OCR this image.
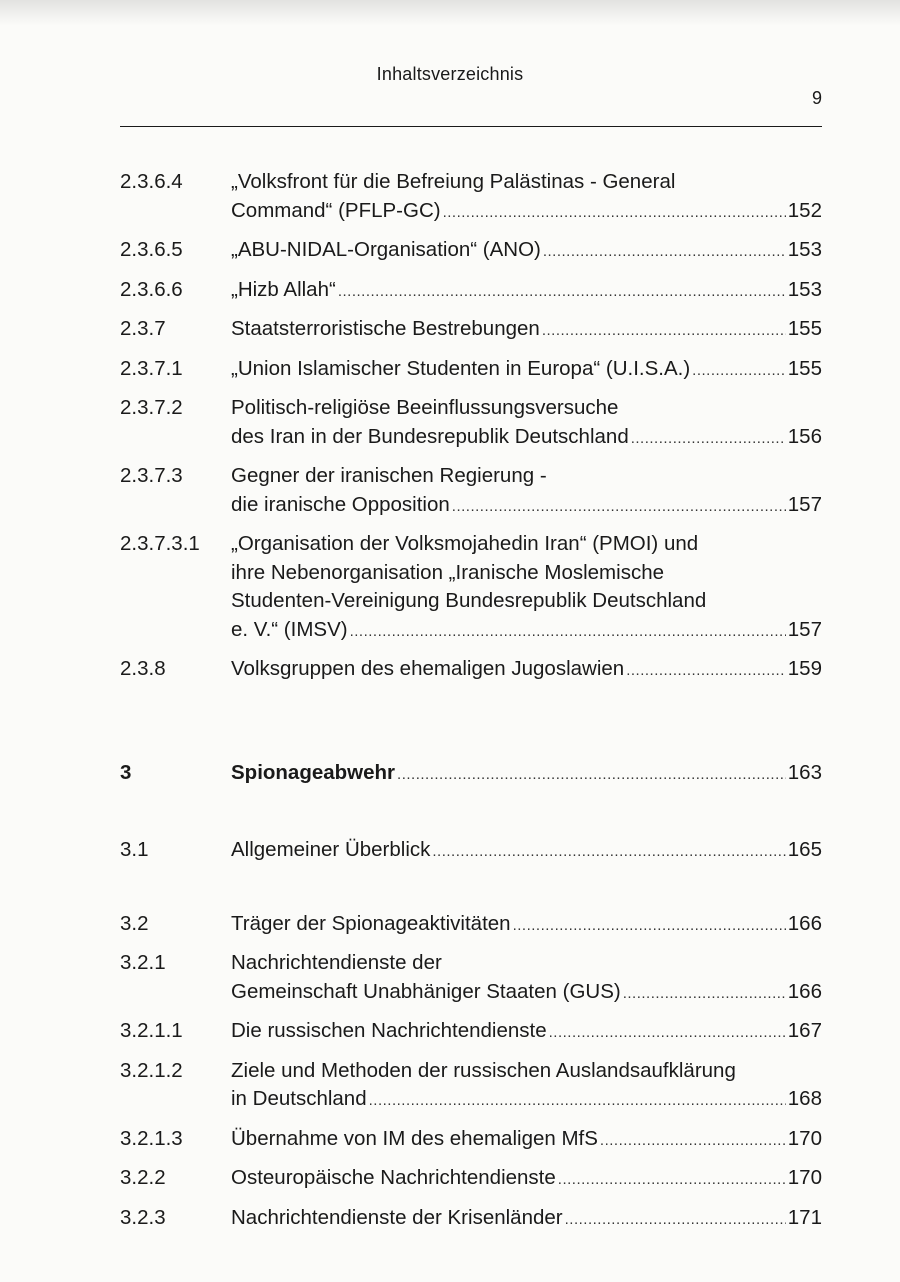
Inhaltsverzeichnis
9
2.3.6.4	„Volksfront für die Befreiung Palästinas - General
Command“ (PFLP-GC) .....	152
2.3.6.5	„ABU-NIDAL-Organisation“ (ANO) .....	153
2.3.6.6	„Hizb Allah“ .....	153
2.3.7	Staatsterroristische Bestrebungen .....	155
2.3.7.1	„Union Islamischer Studenten in Europa“ (U.I.S.A.) .....	155
2.3.7.2	Politisch-religiöse Beeinflussungsversuche
des Iran in der Bundesrepublik Deutschland .....	156
2.3.7.3	Gegner der iranischen Regierung -
die iranische Opposition .....	157
2.3.7.3.1	„Organisation der Volksmojahedin Iran“ (PMOI) und
ihre Nebenorganisation „Iranische Moslemische
Studenten-Vereinigung Bundesrepublik Deutschland
e. V.“ (IMSV) .....	157
2.3.8	Volksgruppen des ehemaligen Jugoslawien .....	159
3	Spionageabwehr .....	163
3.1	Allgemeiner Überblick .....	165
3.2	Träger der Spionageaktivitäten .....	166
3.2.1	Nachrichtendienste der
Gemeinschaft Unabhäniger Staaten (GUS) .....	166
3.2.1.1	Die russischen Nachrichtendienste .....	167
3.2.1.2	Ziele und Methoden der russischen Auslandsaufklärung
in Deutschland .....	168
3.2.1.3	Übernahme von IM des ehemaligen MfS .....	170
3.2.2	Osteuropäische Nachrichtendienste .....	170
3.2.3	Nachrichtendienste der Krisenländer .....	171
